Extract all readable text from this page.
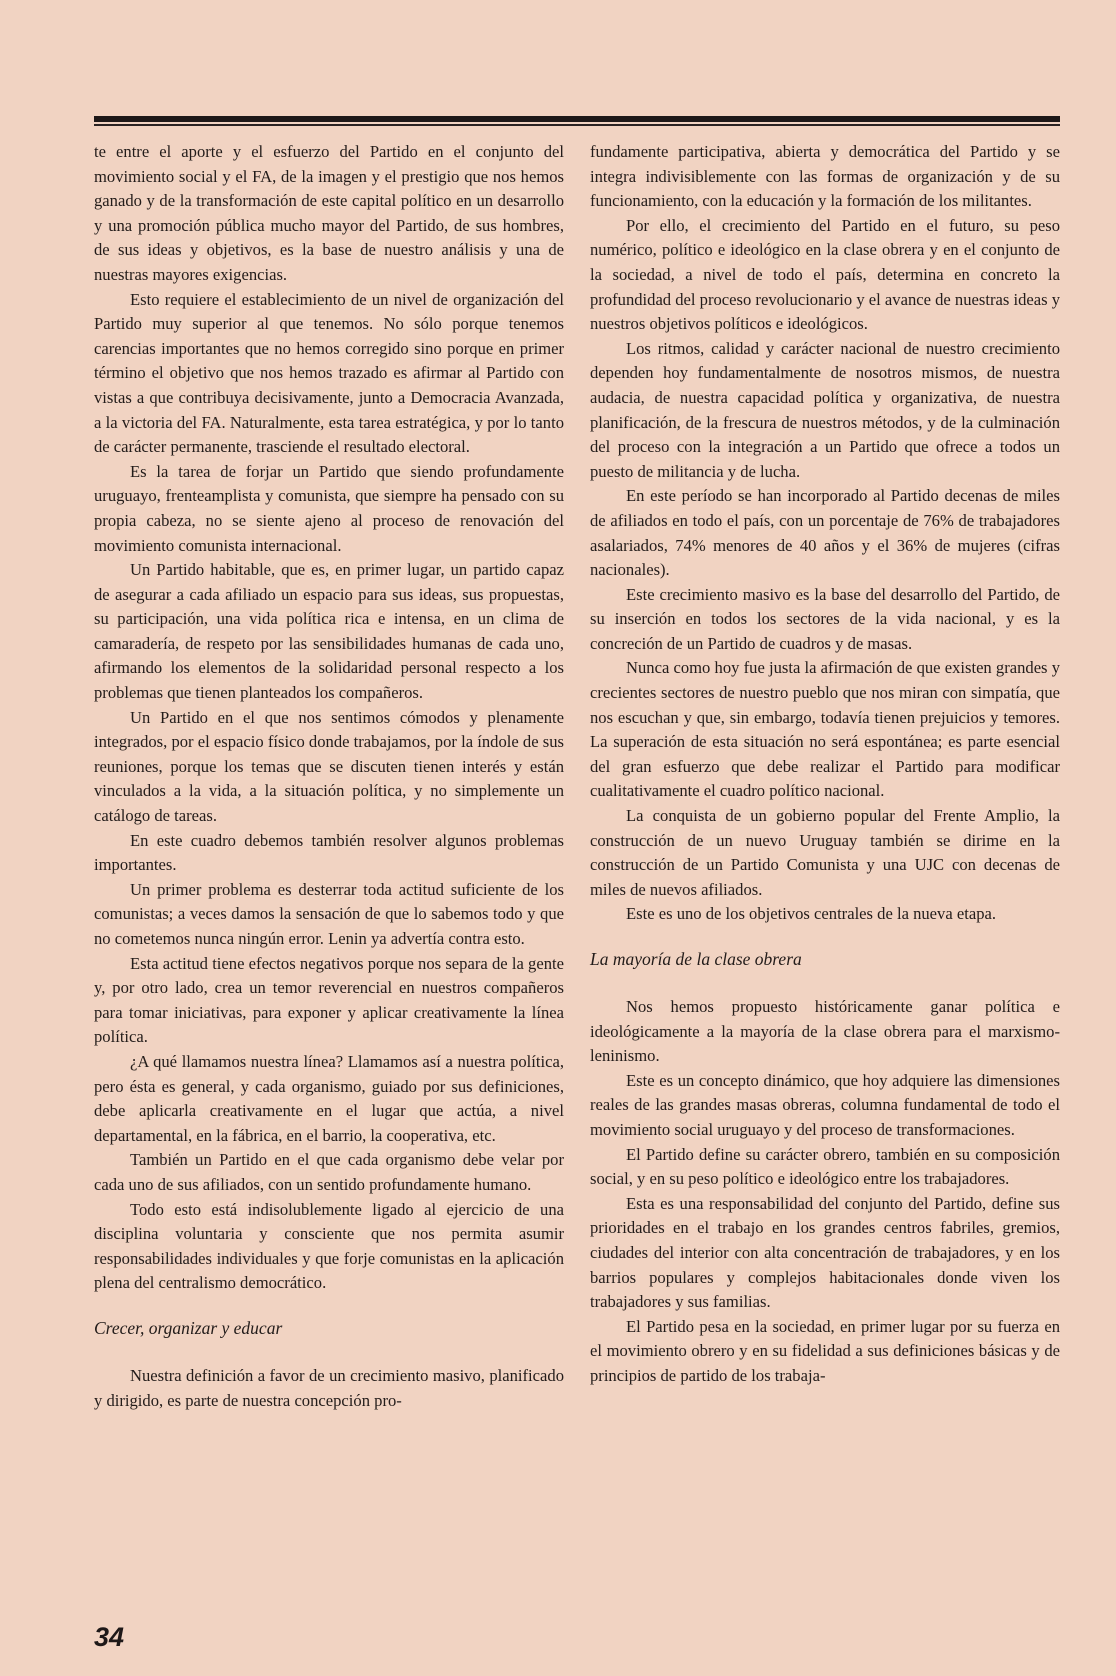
te entre el aporte y el esfuerzo del Partido en el conjunto del movimiento social y el FA, de la imagen y el prestigio que nos hemos ganado y de la transformación de este capital político en un desarrollo y una promoción pública mucho mayor del Partido, de sus hombres, de sus ideas y objetivos, es la base de nuestro análisis y una de nuestras mayores exigencias.

Esto requiere el establecimiento de un nivel de organización del Partido muy superior al que tenemos. No sólo porque tenemos carencias importantes que no hemos corregido sino porque en primer término el objetivo que nos hemos trazado es afirmar al Partido con vistas a que contribuya decisivamente, junto a Democracia Avanzada, a la victoria del FA. Naturalmente, esta tarea estratégica, y por lo tanto de carácter permanente, trasciende el resultado electoral.

Es la tarea de forjar un Partido que siendo profundamente uruguayo, frenteamplista y comunista, que siempre ha pensado con su propia cabeza, no se siente ajeno al proceso de renovación del movimiento comunista internacional.

Un Partido habitable, que es, en primer lugar, un partido capaz de asegurar a cada afiliado un espacio para sus ideas, sus propuestas, su participación, una vida política rica e intensa, en un clima de camaradería, de respeto por las sensibilidades humanas de cada uno, afirmando los elementos de la solidaridad personal respecto a los problemas que tienen planteados los compañeros.

Un Partido en el que nos sentimos cómodos y plenamente integrados, por el espacio físico donde trabajamos, por la índole de sus reuniones, porque los temas que se discuten tienen interés y están vinculados a la vida, a la situación política, y no simplemente un catálogo de tareas.

En este cuadro debemos también resolver algunos problemas importantes.

Un primer problema es desterrar toda actitud suficiente de los comunistas; a veces damos la sensación de que lo sabemos todo y que no cometemos nunca ningún error. Lenin ya advertía contra esto.

Esta actitud tiene efectos negativos porque nos separa de la gente y, por otro lado, crea un temor reverencial en nuestros compañeros para tomar iniciativas, para exponer y aplicar creativamente la línea política.

¿A qué llamamos nuestra línea? Llamamos así a nuestra política, pero ésta es general, y cada organismo, guiado por sus definiciones, debe aplicarla creativamente en el lugar que actúa, a nivel departamental, en la fábrica, en el barrio, la cooperativa, etc.

También un Partido en el que cada organismo debe velar por cada uno de sus afiliados, con un sentido profundamente humano.

Todo esto está indisolublemente ligado al ejercicio de una disciplina voluntaria y consciente que nos permita asumir responsabilidades individuales y que forje comunistas en la aplicación plena del centralismo democrático.

Crecer, organizar y educar

Nuestra definición a favor de un crecimiento masivo, planificado y dirigido, es parte de nuestra concepción pro-

fundamente participativa, abierta y democrática del Partido y se integra indivisiblemente con las formas de organización y de su funcionamiento, con la educación y la formación de los militantes.

Por ello, el crecimiento del Partido en el futuro, su peso numérico, político e ideológico en la clase obrera y en el conjunto de la sociedad, a nivel de todo el país, determina en concreto la profundidad del proceso revolucionario y el avance de nuestras ideas y nuestros objetivos políticos e ideológicos.

Los ritmos, calidad y carácter nacional de nuestro crecimiento dependen hoy fundamentalmente de nosotros mismos, de nuestra audacia, de nuestra capacidad política y organizativa, de nuestra planificación, de la frescura de nuestros métodos, y de la culminación del proceso con la integración a un Partido que ofrece a todos un puesto de militancia y de lucha.

En este período se han incorporado al Partido decenas de miles de afiliados en todo el país, con un porcentaje de 76% de trabajadores asalariados, 74% menores de 40 años y el 36% de mujeres (cifras nacionales).

Este crecimiento masivo es la base del desarrollo del Partido, de su inserción en todos los sectores de la vida nacional, y es la concreción de un Partido de cuadros y de masas.

Nunca como hoy fue justa la afirmación de que existen grandes y crecientes sectores de nuestro pueblo que nos miran con simpatía, que nos escuchan y que, sin embargo, todavía tienen prejuicios y temores. La superación de esta situación no será espontánea; es parte esencial del gran esfuerzo que debe realizar el Partido para modificar cualitativamente el cuadro político nacional.

La conquista de un gobierno popular del Frente Amplio, la construcción de un nuevo Uruguay también se dirime en la construcción de un Partido Comunista y una UJC con decenas de miles de nuevos afiliados.

Este es uno de los objetivos centrales de la nueva etapa.

La mayoría de la clase obrera

Nos hemos propuesto históricamente ganar política e ideológicamente a la mayoría de la clase obrera para el marxismo-leninismo.

Este es un concepto dinámico, que hoy adquiere las dimensiones reales de las grandes masas obreras, columna fundamental de todo el movimiento social uruguayo y del proceso de transformaciones.

El Partido define su carácter obrero, también en su composición social, y en su peso político e ideológico entre los trabajadores.

Esta es una responsabilidad del conjunto del Partido, define sus prioridades en el trabajo en los grandes centros fabriles, gremios, ciudades del interior con alta concentración de trabajadores, y en los barrios populares y complejos habitacionales donde viven los trabajadores y sus familias.

El Partido pesa en la sociedad, en primer lugar por su fuerza en el movimiento obrero y en su fidelidad a sus definiciones básicas y de principios de partido de los trabaja-

34
